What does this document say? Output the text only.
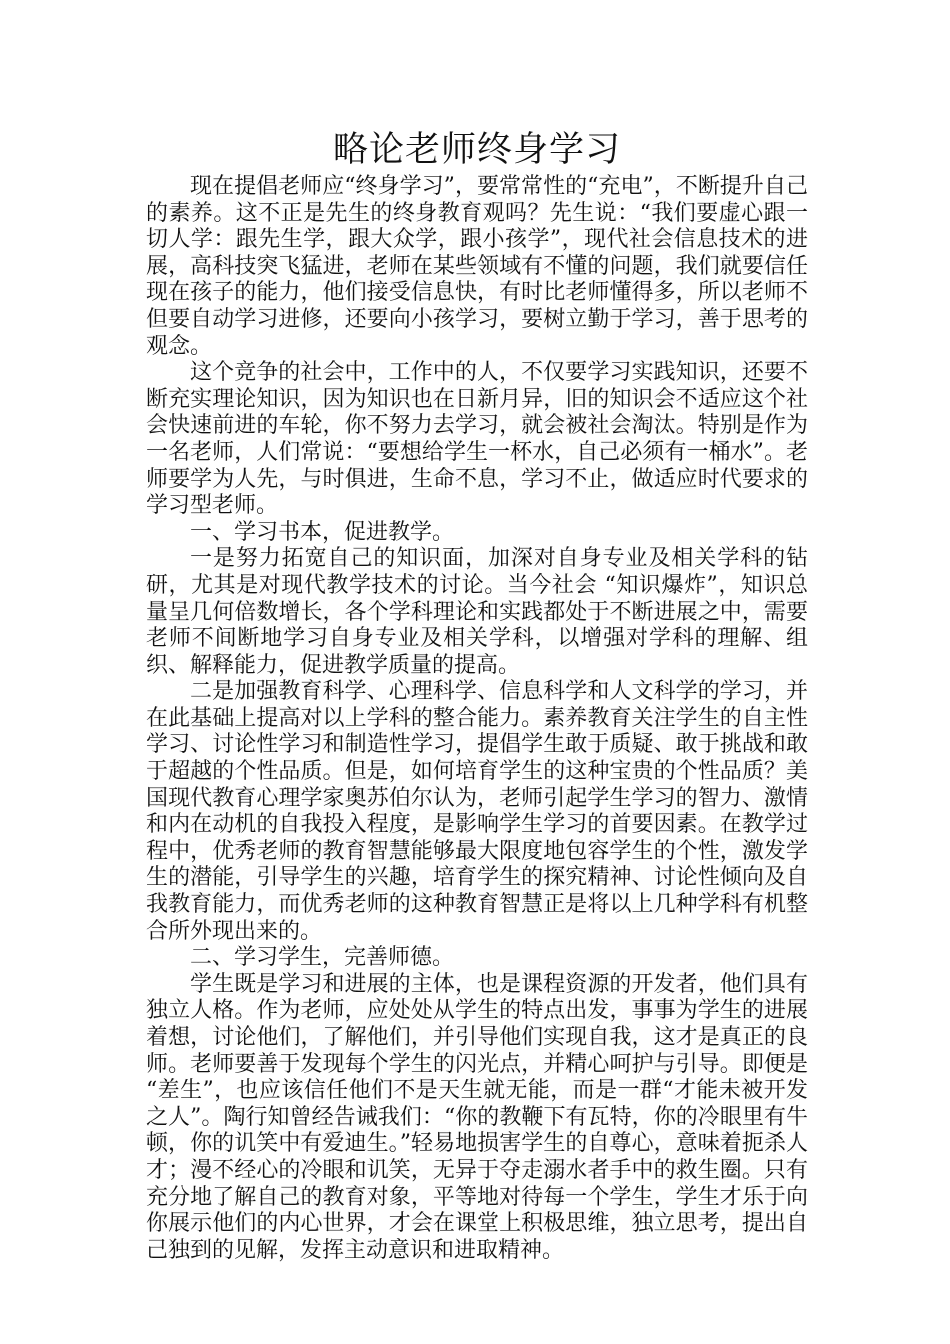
略论老师终身学习

现在提倡老师应“终身学习”，要常常性的“充电”，不断提升自己的素养。这不正是先生的终身教育观吗？先生说：“我们要虚心跟一切人学：跟先生学，跟大众学，跟小孩学”，现代社会信息技术的进展，高科技突飞猛进，老师在某些领域有不懂的问题，我们就要信任现在孩子的能力，他们接受信息快，有时比老师懂得多，所以老师不但要自动学习进修，还要向小孩学习，要树立勤于学习，善于思考的观念。

这个竞争的社会中，工作中的人，不仅要学习实践知识，还要不断充实理论知识，因为知识也在日新月异，旧的知识会不适应这个社会快速前进的车轮，你不努力去学习，就会被社会淘汰。特别是作为一名老师，人们常说：“要想给学生一杯水，自己必须有一桶水”。老师要学为人先，与时俱进，生命不息，学习不止，做适应时代要求的学习型老师。

一、学习书本，促进教学。

一是努力拓宽自己的知识面，加深对自身专业及相关学科的钻研，尤其是对现代教学技术的讨论。当今社会 “知识爆炸”，知识总量呈几何倍数增长，各个学科理论和实践都处于不断进展之中，需要老师不间断地学习自身专业及相关学科，以增强对学科的理解、组织、解释能力，促进教学质量的提高。

二是加强教育科学、心理科学、信息科学和人文科学的学习，并在此基础上提高对以上学科的整合能力。素养教育关注学生的自主性学习、讨论性学习和制造性学习，提倡学生敢于质疑、敢于挑战和敢于超越的个性品质。但是，如何培育学生的这种宝贵的个性品质？美国现代教育心理学家奥苏伯尔认为，老师引起学生学习的智力、激情和内在动机的自我投入程度，是影响学生学习的首要因素。在教学过程中，优秀老师的教育智慧能够最大限度地包容学生的个性，激发学生的潜能，引导学生的兴趣，培育学生的探究精神、讨论性倾向及自我教育能力，而优秀老师的这种教育智慧正是将以上几种学科有机整合所外现出来的。

二、学习学生，完善师德。

学生既是学习和进展的主体，也是课程资源的开发者，他们具有独立人格。作为老师，应处处从学生的特点出发，事事为学生的进展着想，讨论他们，了解他们，并引导他们实现自我，这才是真正的良师。老师要善于发现每个学生的闪光点，并精心呵护与引导。即便是 “差生”，也应该信任他们不是天生就无能，而是一群“才能未被开发之人”。陶行知曾经告诫我们：“你的教鞭下有瓦特，你的冷眼里有牛顿，你的讥笑中有爱迪生。”轻易地损害学生的自尊心，意味着扼杀人才；漫不经心的冷眼和讥笑，无异于夺走溺水者手中的救生圈。只有充分地了解自己的教育对象，平等地对待每一个学生，学生才乐于向你展示他们的内心世界，才会在课堂上积极思维，独立思考，提出自己独到的见解，发挥主动意识和进取精神。
